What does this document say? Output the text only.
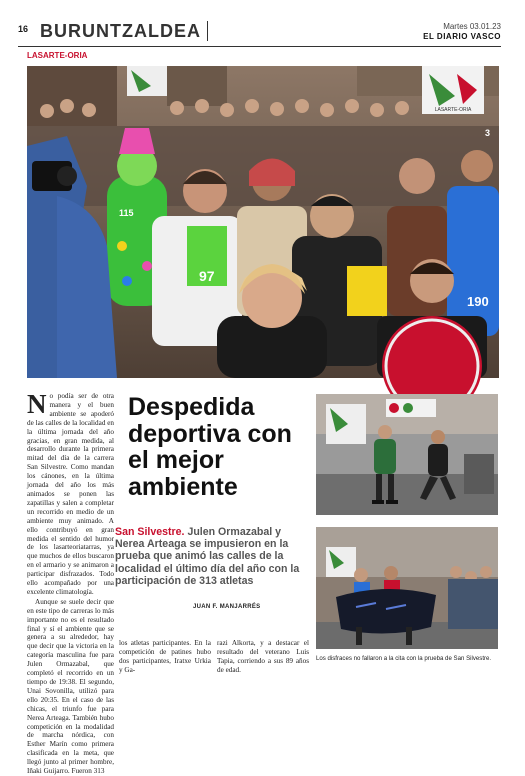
16 BURUNTZALDEA	Martes 03.01.23
EL DIARIO VASCO
LASARTE-ORIA
LASARTE-ORIA
97
190
115
3
N o podía ser de otra manera y el buen ambiente se apoderó de las calles de la localidad en la última jornada del año gracias, en gran medida, al desarrollo durante la primera mitad del día de la carrera San Silvestre. Como mandan los cánones, en la última jornada del año los más animados se ponen las zapatillas y salen a completar un recorrido en medio de un ambiente muy animado. A ello contribuyó en gran medida el sentido del humor de los lasarteoriatarras, ya que muchos de ellos buscaron en el armario y se animaron a participar disfrazados. Todo ello acompañado por una excelente climatología.

Aunque se suele decir que en este tipo de carreras lo más importante no es el resultado final y sí el ambiente que se genera a su alrededor, hay que decir que la victoria en la categoría masculina fue para Julen Ormazabal, que completó el recorrido en un tiempo de 19:38. El segundo, Unai Sovonilla, utilizó para ello 20:35. En el caso de las chicas, el triunfo fue para Nerea Arteaga. También hubo competición en la modalidad de marcha nórdica, con Esther Marín como primera clasificada en la meta, que llegó junto al primer hombre, Iñaki Guijarro. Fueron 313

Despedida deportiva con el mejor ambiente
San Silvestre. Julen Ormazabal y Nerea Arteaga se impusieron en la prueba que animó las calles de la localidad el último día del año con la participación de 313 atletas
JUAN F. MANJARRÉS
los atletas participantes. En la competición de patines hubo dos participantes, Iratxe Urkia y Ga-
razi Alkorta, y a destacar el resultado del veterano Luis Tapia, corriendo a sus 89 años de edad.
Los disfraces no fallaron a la cita con la prueba de San Silvestre.
